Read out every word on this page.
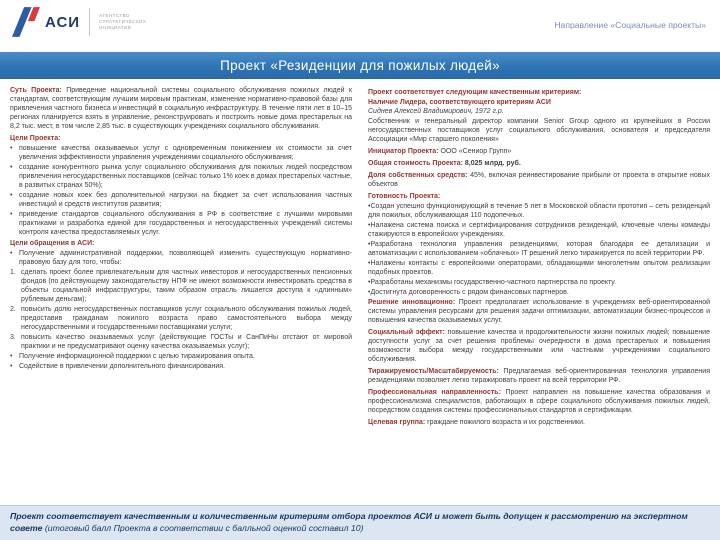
АСИ	АГЕНТСТВО
СТРАТЕГИЧЕСКИХ
ИНИЦИАТИВ	Направление «Социальные проекты»
Проект «Резиденции для пожилых людей»

Суть Проекта: Приведение национальной системы социального обслуживания пожилых людей к стандартам, соответствующим лучшим мировым практикам, изменение нормативно-правовой базы для привлечения частного бизнеса и инвестиций в социальную инфраструктуру. В течение пяти лет в 10–15 регионах планируется взять в управление, реконструировать и построить новые дома престарелых на 8,2 тыс. мест, в том числе 2,85 тыс. в существующих учреждениях социального обслуживания.

Цели Проекта:

•
повышение качества оказываемых услуг с одновременным понижением их стоимости за счет увеличения эффективности управления учреждениями социального обслуживания;
•
создание конкурентного рынка услуг социального обслуживания для пожилых людей посредством привлечения негосударственных поставщиков (сейчас только 1% коек в домах престарелых частные, в развитых странах 50%);
•
создание новых коек без дополнительной нагрузки на бюджет за счет использования частных инвестиций и средств институтов развития;
•
приведение стандартов социального обслуживания в РФ в соответствие с лучшими мировыми практиками и разработка единой для государственных и негосударственных учреждений системы контроля качества предоставляемых услуг.

Цели обращения в АСИ:

•
Получение административной поддержки, позволяющей изменить существующую нормативно-правовую базу для того, чтобы:
1. сделать проект более привлекательным для частных инвесторов и негосударственных пенсионных фондов (по действующему законодательству НПФ не имеют возможности инвестировать средства в объекты социальной инфраструктуры, таким образом отрасль лишается доступа к «длинным» рублевым деньгам);
2. повысить долю негосударственных поставщиков услуг социального обслуживания пожилых людей, предоставив гражданам пожилого возраста право самостоятельного выбора между негосударственными и государственными поставщиками услуги;
3. повысить качество оказываемых услуг (действующие ГОСТы и СанПиНы отстают от мировой практики и не предусматривают оценку качества оказываемых услуг);
•
Получение информационной поддержки с целью тиражирования опыта.
•
Содействие в привлечении дополнительного финансирования.

Проект соответствует следующим качественным критериям:

Наличие Лидера, соответствующего критериям АСИ

Сиднев Алексей Владимирович, 1972 г.р.

Собственник и генеральный директор компании Senior Group одного из крупнейших в России негосударственных поставщиков услуг социального обслуживания, основателя и председателя Ассоциации «Мир старшего поколения»

Инициатор Проекта: ООО «Сениор Групп»

Общая стоимость Проекта: 8,025 млрд. руб.

Доля собственных средств: 45%, включая реинвестирование прибыли от проекта в открытие новых объектов

Готовность Проекта:

• Создан успешно функционирующий в течение 5 лет в Московской области прототип – сеть резиденций для пожилых, обслуживающая 110 подопечных.

• Налажена система поиска и сертифицирования сотрудников резиденций, ключевые члены команды стажируются в европейских учреждениях.

• Разработана технология управления резиденциями, которая благодаря ее детализации и автоматизации с использованием «облачных» IT решений легко тиражируется по всей территории РФ.

• Налажены контакты с европейскими операторами, обладающими многолетним опытом реализации подобных проектов.

• Разработаны механизмы государственно-частного партнерства по проекту.

• Достигнута договоренность с рядом финансовых партнеров.

Решение инновационно: Проект предполагает использование в учреждениях веб-ориентированной системы управления ресурсами для решения задачи оптимизации, автоматизации бизнес-процессов и повышения качества оказываемых услуг.

Социальный эффект: повышение качества и продолжительности жизни пожилых людей; повышение доступности услуг за счет решения проблемы очередности в дома престарелых и повышения возможности выбора между государственными или частными учреждениями социального обслуживания.

Тиражируемость/Масштабируемость: Предлагаемая веб-ориентированная технология управления резиденциями позволяет легко тиражировать проект на всей территории РФ.

Профессиональная направленность: Проект направлен на повышение качества образования и профессионализма специалистов, работающих в сфере социального обслуживания пожилых людей, посредством создания системы профессиональных стандартов и сертификации.

Целевая группа: граждане пожилого возраста и их родственники.

Проект соответствует качественным и количественным критериям отбора проектов АСИ и может быть допущен к рассмотрению на экспертном совете (итоговый балл Проекта в соответствии с балльной оценкой составил 10)
